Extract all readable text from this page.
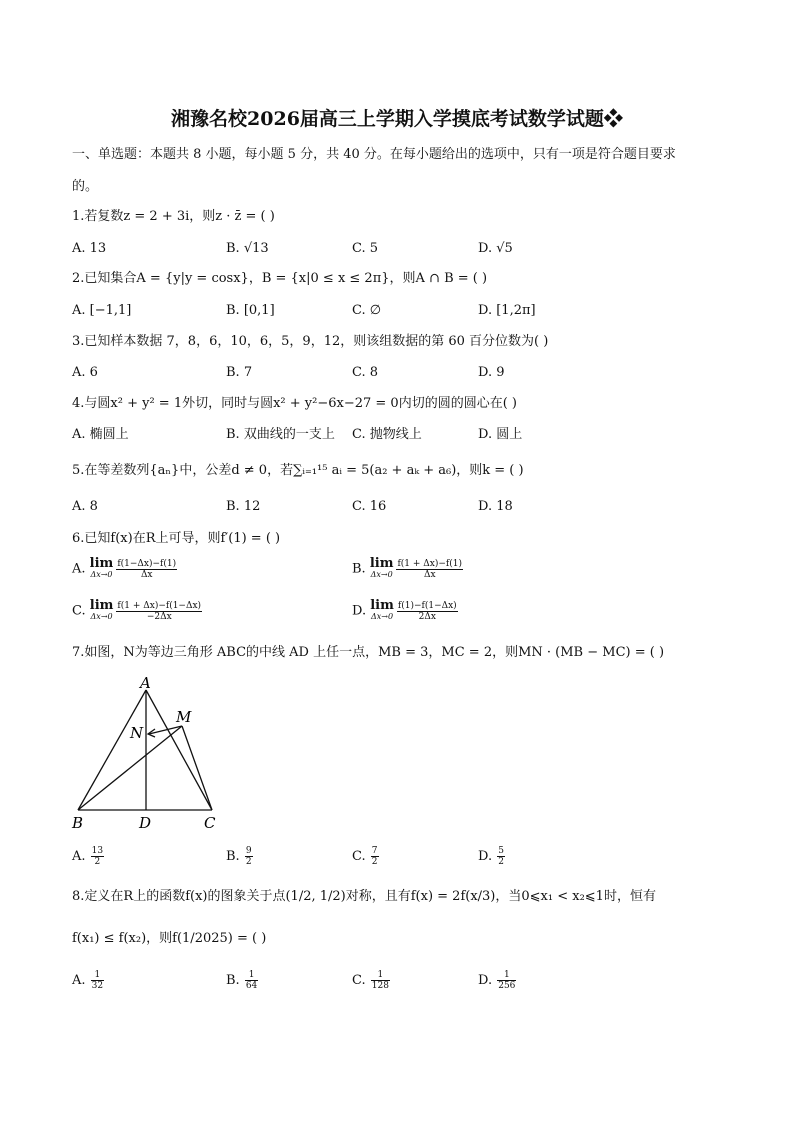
湘豫名校2026届高三上学期入学摸底考试数学试题❖
一、单选题：本题共 8 小题，每小题 5 分，共 40 分。在每小题给出的选项中，只有一项是符合题目要求
的。
1.若复数z = 2 + 3i，则z · z̄ = ( )
A. 13	B. √13	C. 5	D. √5
2.已知集合A = {y|y = cosx}，B = {x|0 ≤ x ≤ 2π}，则A ∩ B = ( )
A. [−1,1]	B. [0,1]	C. ∅	D. [1,2π]
3.已知样本数据 7，8，6，10，6，5，9，12，则该组数据的第 60 百分位数为( )
A. 6	B. 7	C. 8	D. 9
4.与圆x² + y² = 1外切，同时与圆x² + y²−6x−27 = 0内切的圆的圆心在( )
A. 椭圆上	B. 双曲线的一支上 C. 抛物线上	D. 圆上
5.在等差数列{aₙ}中，公差d ≠ 0，若∑ᵢ₌₁¹⁵ aᵢ = 5(a₂ + aₖ + a₆)，则k = ( )
A. 8	B. 12	C. 16	D. 18
6.已知f(x)在R上可导，则f′(1) = ( )
A. lim
$\Delta x\to 0 \frac{f(1-\Delta x)-f(1)}{\Delta x}$	B. lim
$\Delta x\to 0 \frac{f(1 + \Delta x)-f(1)}{\Delta x}$
C. lim
$\Delta x\to 0 \frac{f(1 + \Delta x)-f(1-\Delta x)}{-2\Delta x}$	D. lim
$\Delta x\to 0 \frac{f(1)-f(1-\Delta x)}{2\Delta x}$
7.如图，N为等边三角形 ABC的中线 AD 上任一点，MB = 3，MC = 2，则MN · (MB − MC) = ( )
A
B	C
D
M
N
A. $\frac{13}{2}$	B. $\frac{9}{2}$	C. $\frac{7}{2}$	D. $\frac{5}{2}$
8.定义在R上的函数f(x)的图象关于点(1/2, 1/2)对称，且有f(x) = 2f(x/3)，当0⩽x₁ < x₂⩽1时，恒有
f(x₁) ≤ f(x₂)，则f(1/2025) = ( )
A. $\frac{1}{32}$	B. $\frac{1}{64}$	C. $\frac{1}{128}$	D. $\frac{1}{256}$
